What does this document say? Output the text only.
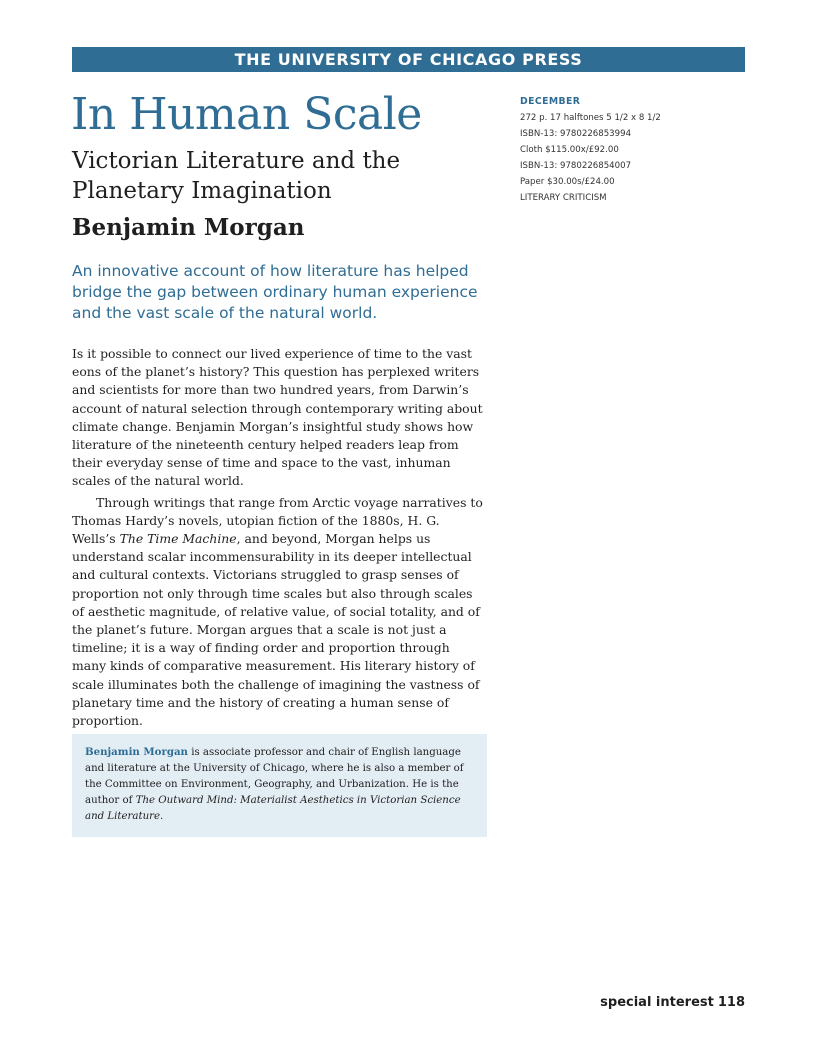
THE UNIVERSITY OF CHICAGO PRESS
In Human Scale
Victorian Literature and the Planetary Imagination
Benjamin Morgan

An innovative account of how literature has helped bridge the gap between ordinary human experience and the vast scale of the natural world.

Is it possible to connect our lived experience of time to the vast eons of the planet’s history? This question has perplexed writers and scientists for more than two hundred years, from Darwin’s account of natural selection through contemporary writing about climate change. Benjamin Morgan’s insightful study shows how literature of the nineteenth century helped readers leap from their everyday sense of time and space to the vast, inhuman scales of the natural world.

Through writings that range from Arctic voyage narratives to Thomas Hardy’s novels, utopian fiction of the 1880s, H. G. Wells’s The Time Machine, and beyond, Morgan helps us understand scalar incommensurability in its deeper intellectual and cultural contexts. Victorians struggled to grasp senses of proportion not only through time scales but also through scales of aesthetic magnitude, of relative value, of social totality, and of the planet’s future. Morgan argues that a scale is not just a timeline; it is a way of finding order and proportion through many kinds of comparative measurement. His literary history of scale illuminates both the challenge of imagining the vastness of planetary time and the history of creating a human sense of proportion.

Benjamin Morgan is associate professor and chair of English language and literature at the University of Chicago, where he is also a member of the Committee on Environment, Geography, and Urbanization. He is the author of The Outward Mind: Materialist Aesthetics in Victorian Science and Literature.
DECEMBER
272 p. 17 halftones 5 1/2 x 8 1/2
ISBN-13: 9780226853994
Cloth $115.00x/£92.00
ISBN-13: 9780226854007
Paper $30.00s/£24.00
LITERARY CRITICISM
special interest 118
